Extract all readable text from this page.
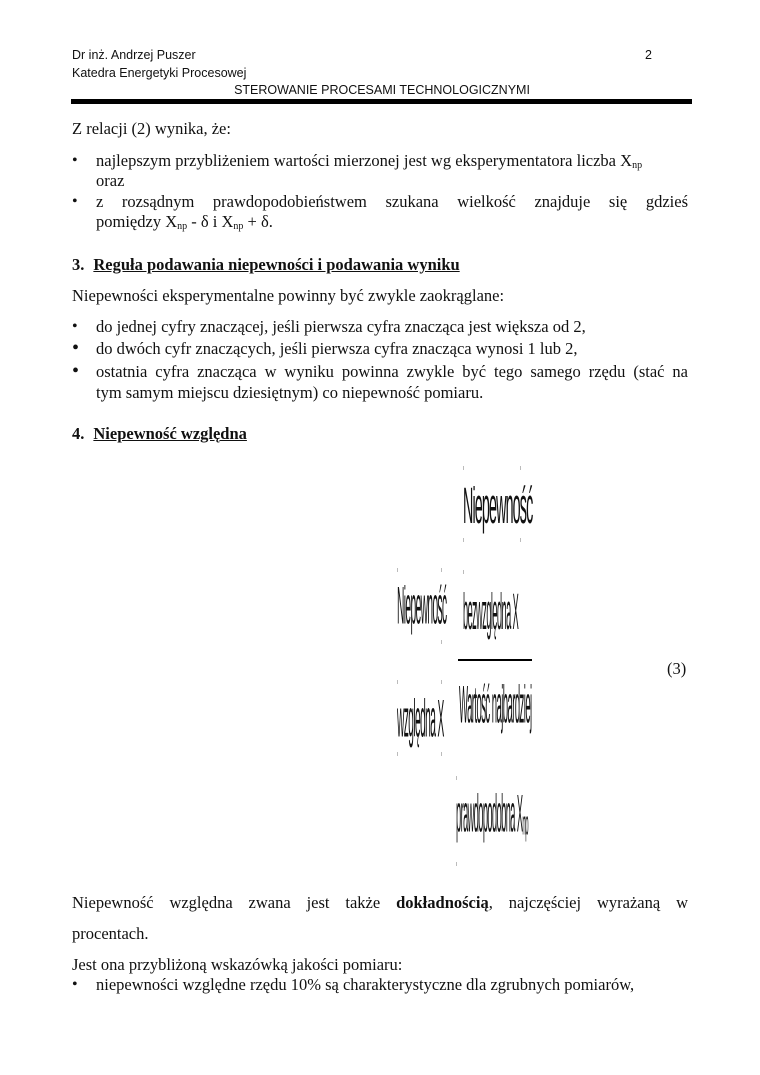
Dr inż. Andrzej Puszer
Katedra Energetyki Procesowej
2
STEROWANIE PROCESAMI TECHNOLOGICZNYMI
Z relacji (2) wynika, że:
• najlepszym przybliżeniem wartości mierzonej jest wg eksperymentatora liczba $X_{np}$
oraz
• z rozsądnym prawdopodobieństwem szukana wielkość znajduje się gdzieś
pomiędzy $X_{np}$ - δ i $X_{np} + \delta$.
3. Reguła podawania niepewności i podawania wyniku
Niepewności eksperymentalne powinny być zwykle zaokrąglane:
• do jednej cyfry znaczącej, jeśli pierwsza cyfra znacząca jest większa od 2,
• do dwóch cyfr znaczących, jeśli pierwsza cyfra znacząca wynosi 1 lub 2,
• ostatnia cyfra znacząca w wyniku powinna zwykle być tego samego rzędu (stać na
tym samym miejscu dziesiętnym) co niepewność pomiaru.
4. Niepewność względna
Niepewność
Niepewność bezwzględna X
(3)
Wartość najbardziej
względna X
prawdopodobna $X_{np}$
Niepewność względna zwana jest także dokładnością, najczęściej wyrażaną w
procentach.
Jest ona przybliżoną wskazówką jakości pomiaru:
• niepewności względne rzędu 10% są charakterystyczne dla zgrubnych pomiarów,
